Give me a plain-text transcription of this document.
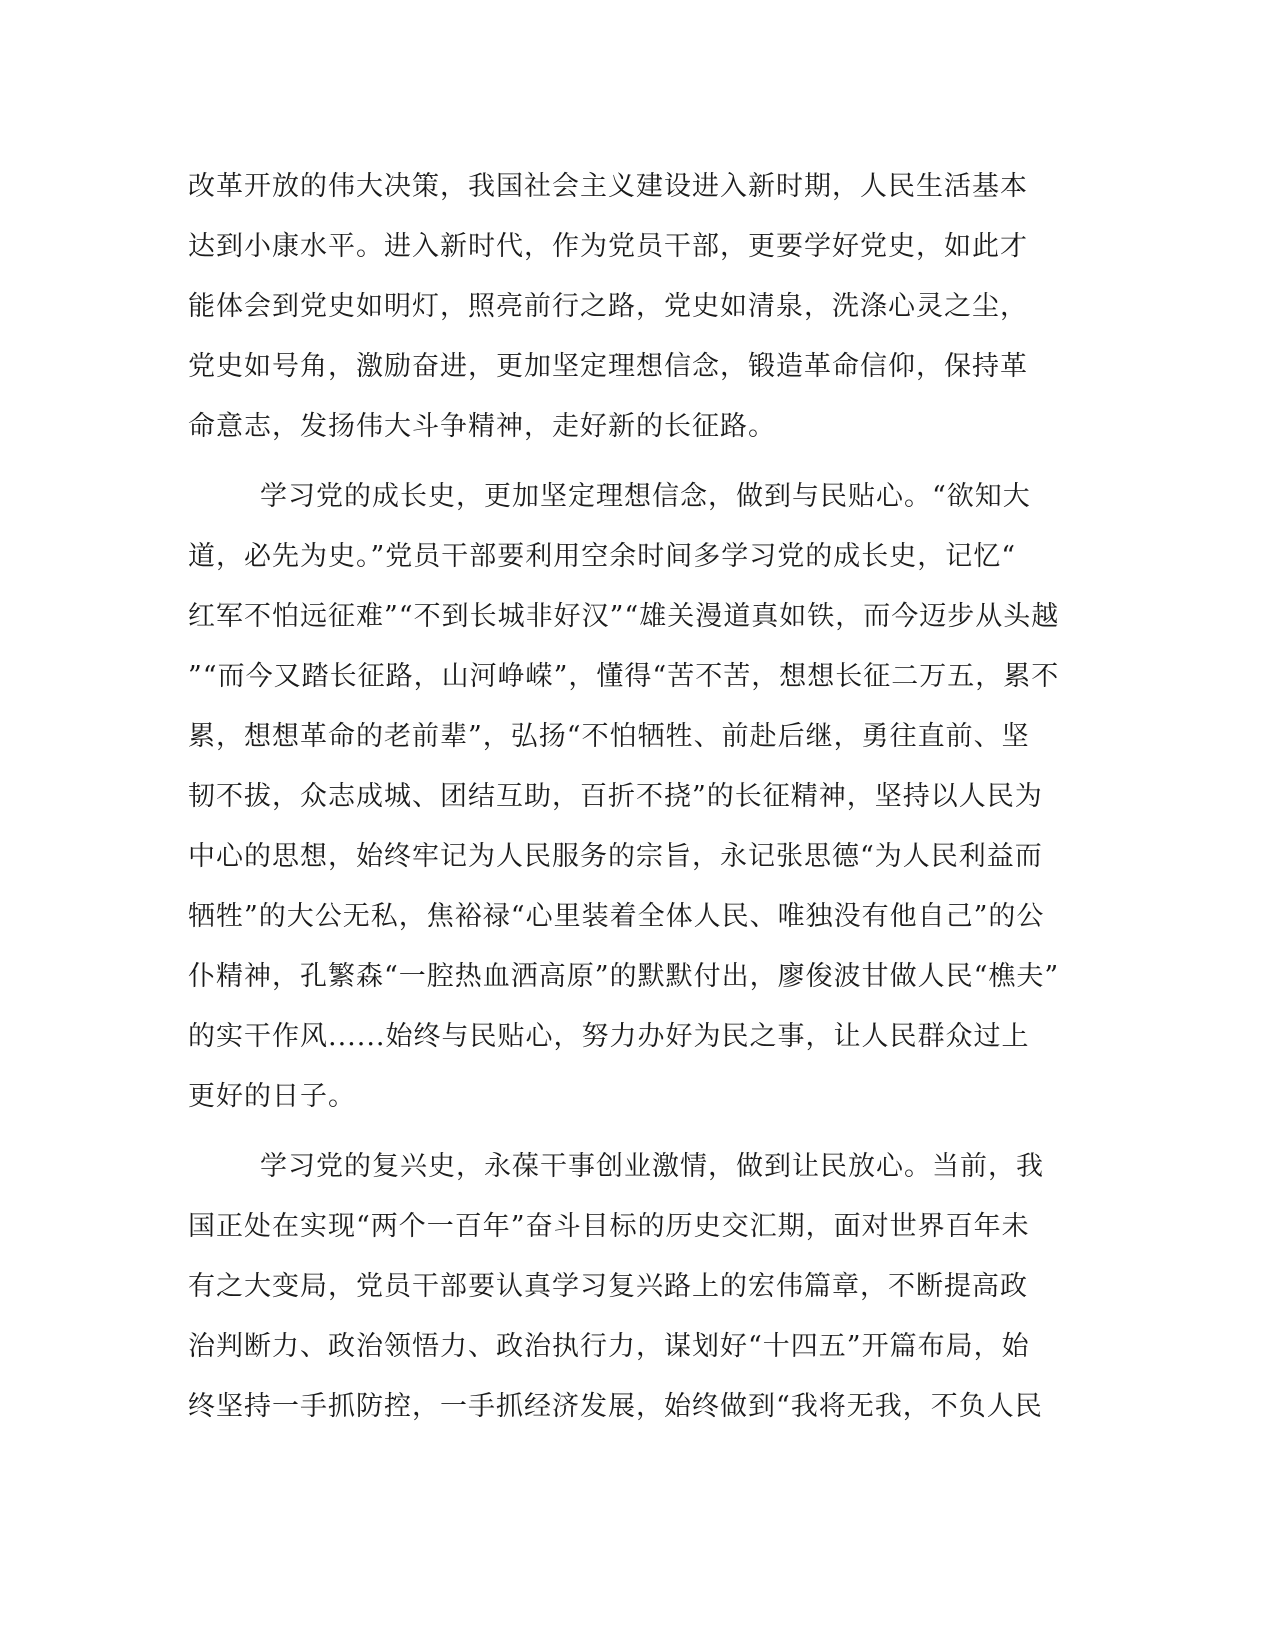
改革开放的伟大决策，我国社会主义建设进入新时期，人民生活基本
达到小康水平。进入新时代，作为党员干部，更要学好党史，如此才
能体会到党史如明灯，照亮前行之路，党史如清泉，洗涤心灵之尘，
党史如号角，激励奋进，更加坚定理想信念，锻造革命信仰，保持革
命意志，发扬伟大斗争精神，走好新的长征路。
学习党的成长史，更加坚定理想信念，做到与民贴心。“欲知大
道，必先为史。”党员干部要利用空余时间多学习党的成长史，记忆“
红军不怕远征难”“不到长城非好汉”“雄关漫道真如铁，而今迈步从头越
”“而今又踏长征路，山河峥嵘”，懂得“苦不苦，想想长征二万五，累不
累，想想革命的老前辈”，弘扬“不怕牺牲、前赴后继，勇往直前、坚
韧不拔，众志成城、团结互助，百折不挠”的长征精神，坚持以人民为
中心的思想，始终牢记为人民服务的宗旨，永记张思德“为人民利益而
牺牲”的大公无私，焦裕禄“心里装着全体人民、唯独没有他自己”的公
仆精神，孔繁森“一腔热血洒高原”的默默付出，廖俊波甘做人民“樵夫”
的实干作风......始终与民贴心，努力办好为民之事，让人民群众过上
更好的日子。
学习党的复兴史，永葆干事创业激情，做到让民放心。当前，我
国正处在实现“两个一百年”奋斗目标的历史交汇期，面对世界百年未
有之大变局，党员干部要认真学习复兴路上的宏伟篇章，不断提高政
治判断力、政治领悟力、政治执行力，谋划好“十四五”开篇布局，始
终坚持一手抓防控，一手抓经济发展，始终做到“我将无我，不负人民
